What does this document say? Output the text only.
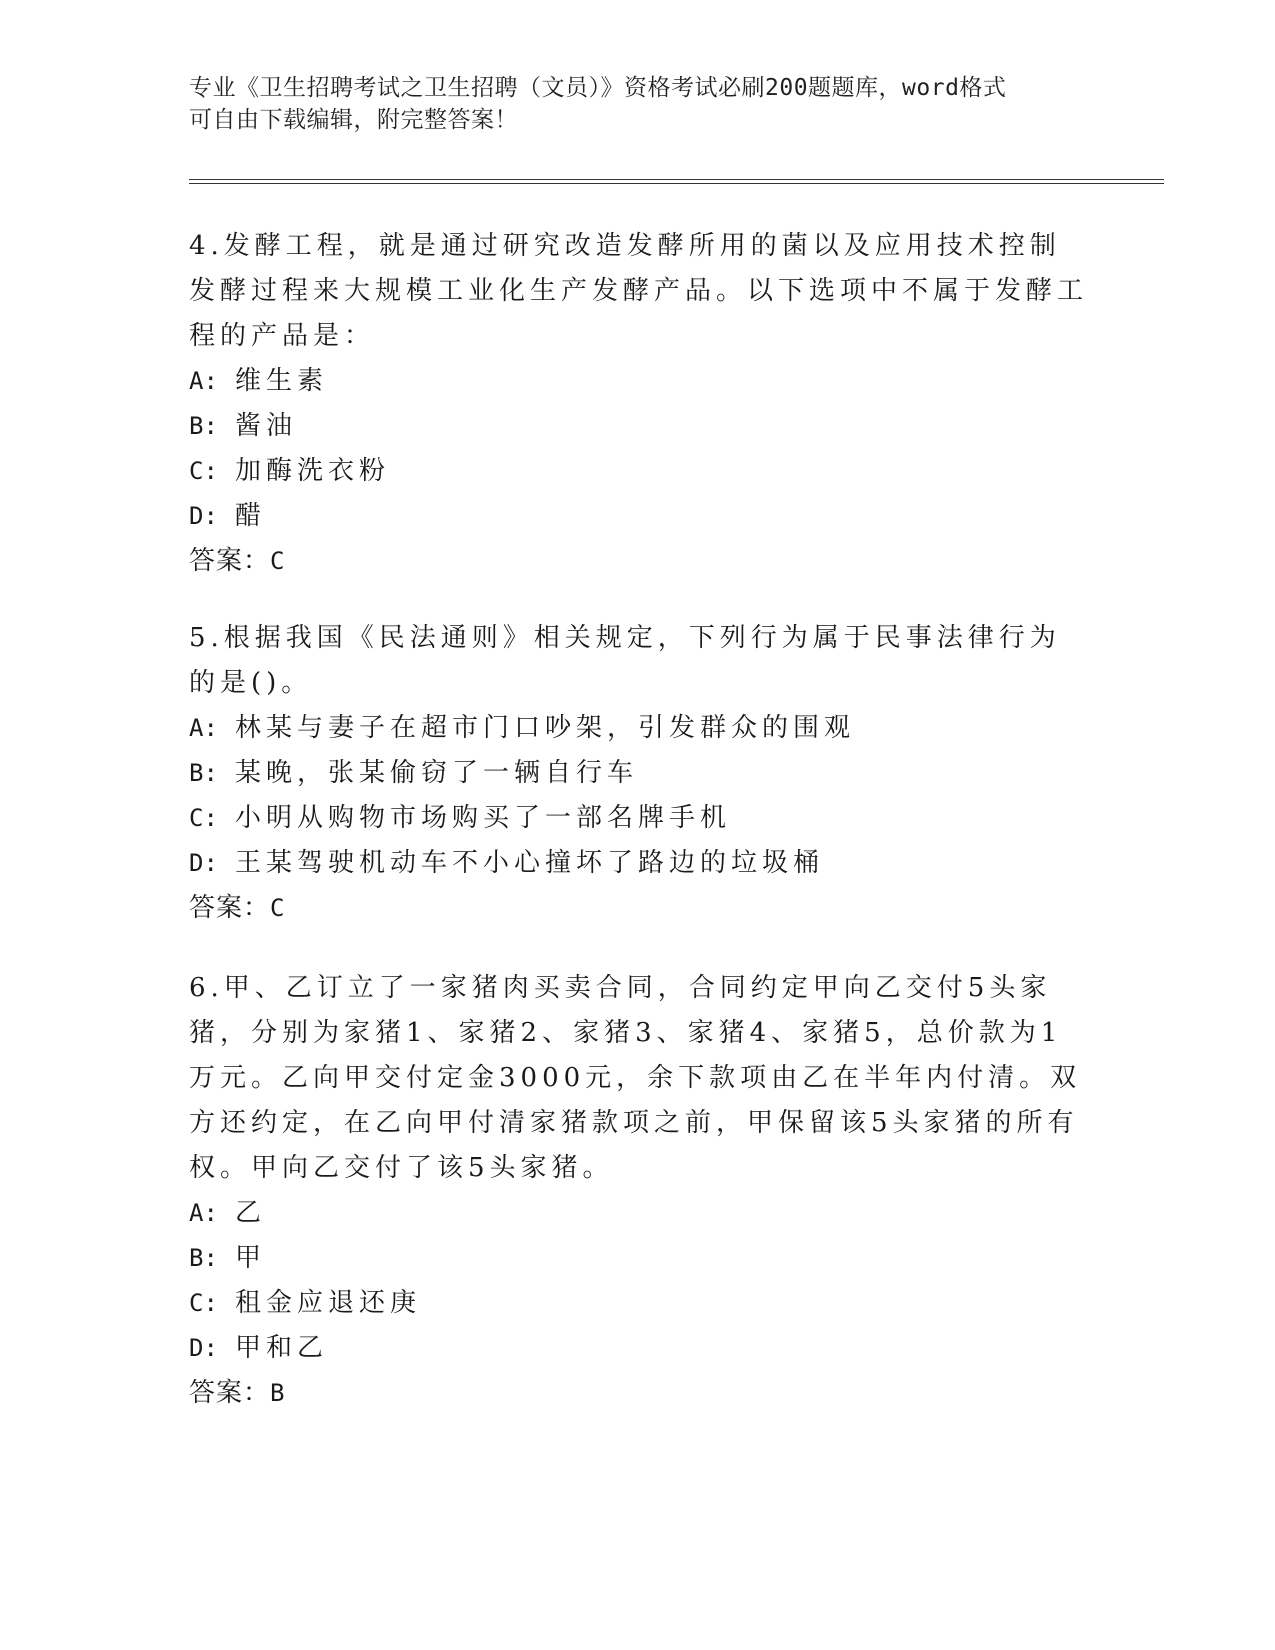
专业《卫生招聘考试之卫生招聘（文员）》资格考试必刷200题题库，word格式
可自由下载编辑，附完整答案！

4.发酵工程，就是通过研究改造发酵所用的菌以及应用技术控制发酵过程来大规模工业化生产发酵产品。以下选项中不属于发酵工程的产品是：

A: 维生素

B: 酱油

C: 加酶洗衣粉

D: 醋

答案：C

5.根据我国《民法通则》相关规定，下列行为属于民事法律行为的是()。

A: 林某与妻子在超市门口吵架，引发群众的围观

B: 某晚，张某偷窃了一辆自行车

C: 小明从购物市场购买了一部名牌手机

D: 王某驾驶机动车不小心撞坏了路边的垃圾桶

答案：C

6.甲、乙订立了一家猪肉买卖合同，合同约定甲向乙交付5头家猪，分别为家猪1、家猪2、家猪3、家猪4、家猪5，总价款为1万元。乙向甲交付定金3000元，余下款项由乙在半年内付清。双方还约定，在乙向甲付清家猪款项之前，甲保留该5头家猪的所有权。甲向乙交付了该5头家猪。

A: 乙

B: 甲

C: 租金应退还庚

D: 甲和乙

答案：B
